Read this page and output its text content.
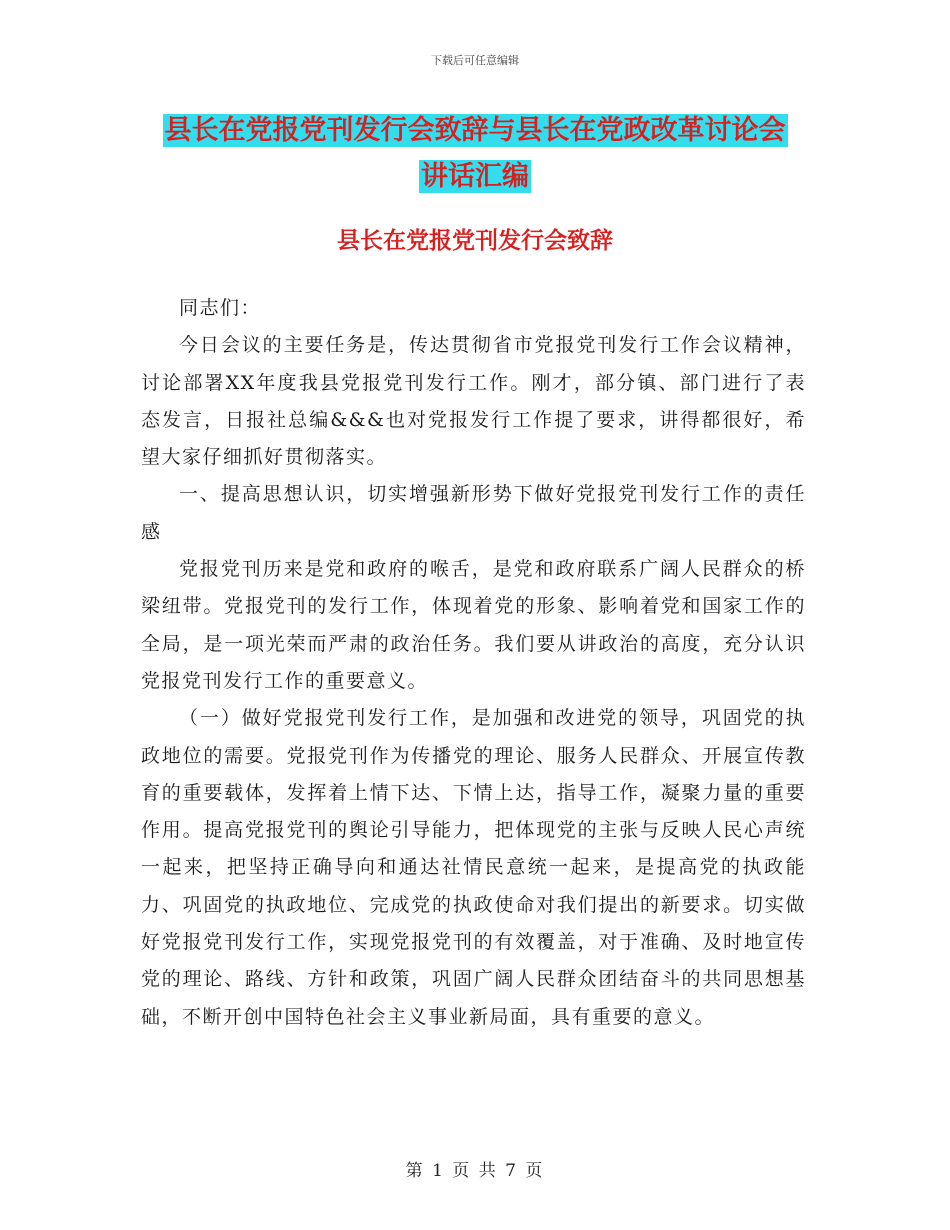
下载后可任意编辑
县长在党报党刊发行会致辞与县长在党政改革讨论会
讲话汇编
县长在党报党刊发行会致辞

同志们：

今日会议的主要任务是，传达贯彻省市党报党刊发行工作会议精神，讨论部署XX年度我县党报党刊发行工作。刚才，部分镇、部门进行了表态发言，日报社总编&&&也对党报发行工作提了要求，讲得都很好，希望大家仔细抓好贯彻落实。

一、提高思想认识，切实增强新形势下做好党报党刊发行工作的责任感

党报党刊历来是党和政府的喉舌，是党和政府联系广阔人民群众的桥梁纽带。党报党刊的发行工作，体现着党的形象、影响着党和国家工作的全局，是一项光荣而严肃的政治任务。我们要从讲政治的高度，充分认识党报党刊发行工作的重要意义。

（一）做好党报党刊发行工作，是加强和改进党的领导，巩固党的执政地位的需要。党报党刊作为传播党的理论、服务人民群众、开展宣传教育的重要载体，发挥着上情下达、下情上达，指导工作，凝聚力量的重要作用。提高党报党刊的舆论引导能力，把体现党的主张与反映人民心声统一起来，把坚持正确导向和通达社情民意统一起来，是提高党的执政能力、巩固党的执政地位、完成党的执政使命对我们提出的新要求。切实做好党报党刊发行工作，实现党报党刊的有效覆盖，对于准确、及时地宣传党的理论、路线、方针和政策，巩固广阔人民群众团结奋斗的共同思想基础，不断开创中国特色社会主义事业新局面，具有重要的意义。

第 1 页 共 7 页
